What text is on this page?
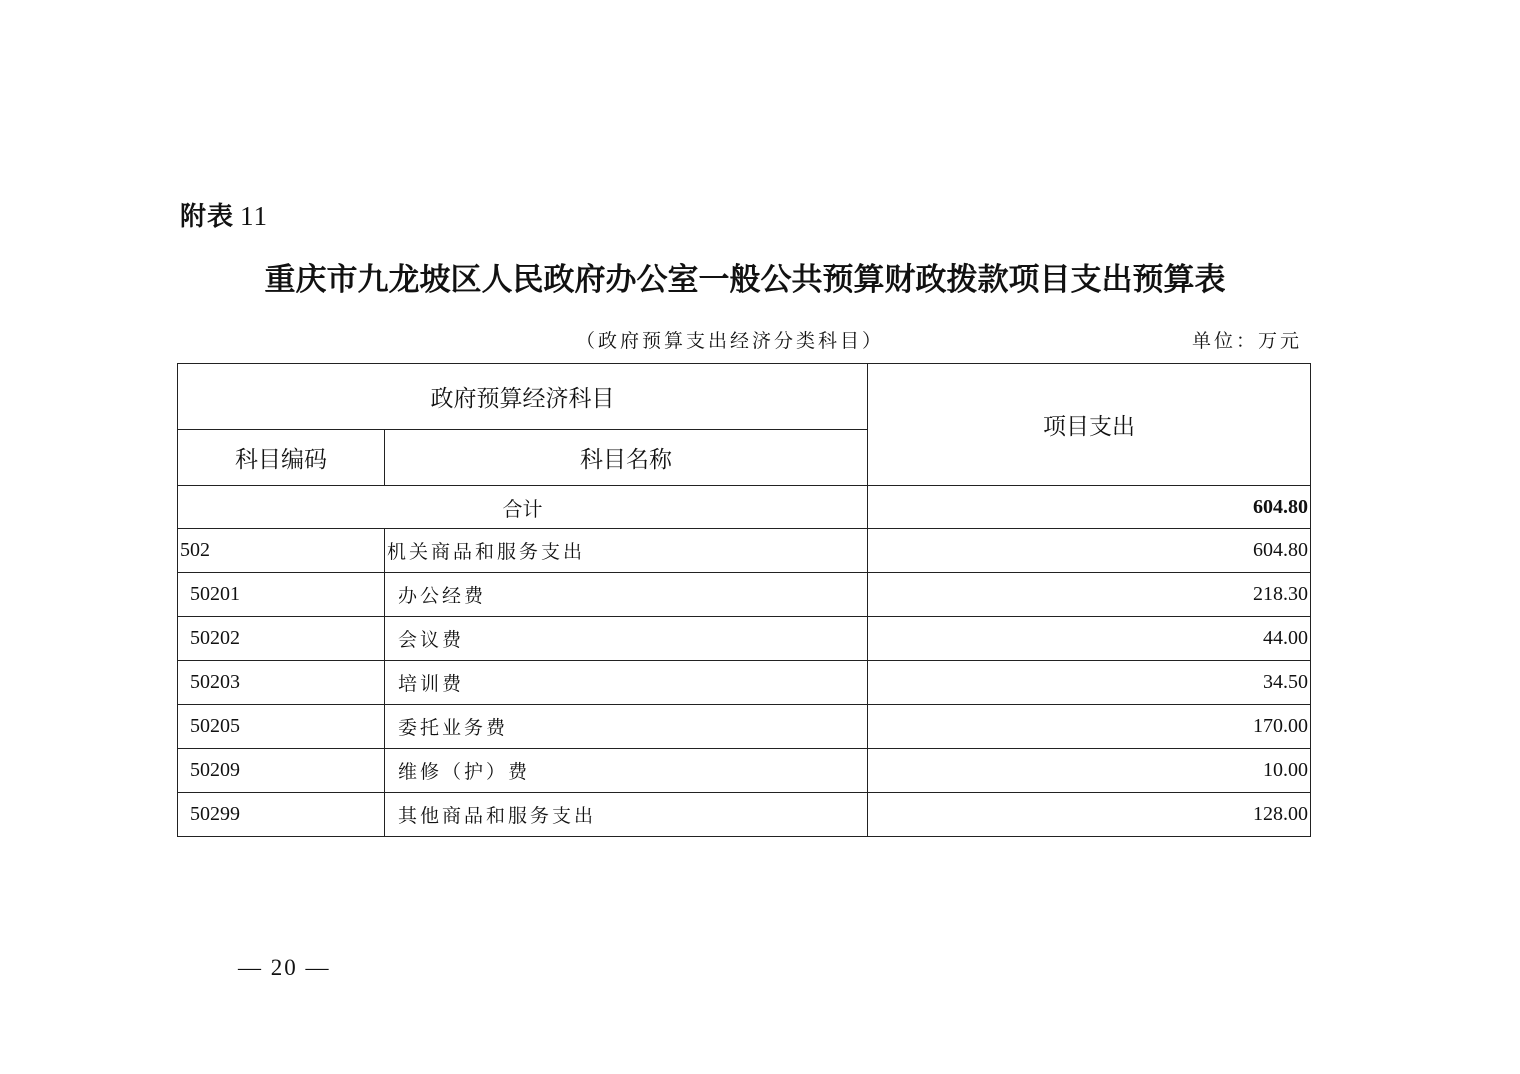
附表 11
重庆市九龙坡区人民政府办公室一般公共预算财政拨款项目支出预算表
（政府预算支出经济分类科目）	单位：万元
政府预算经济科目		项目支出
科目编码	科目名称	
合计		604.80
502	机关商品和服务支出	604.80
50201	办公经费	218.30
50202	会议费	44.00
50203	培训费	34.50
50205	委托业务费	170.00
50209	维修（护）费	10.00
50299	其他商品和服务支出	128.00
— 20 —
